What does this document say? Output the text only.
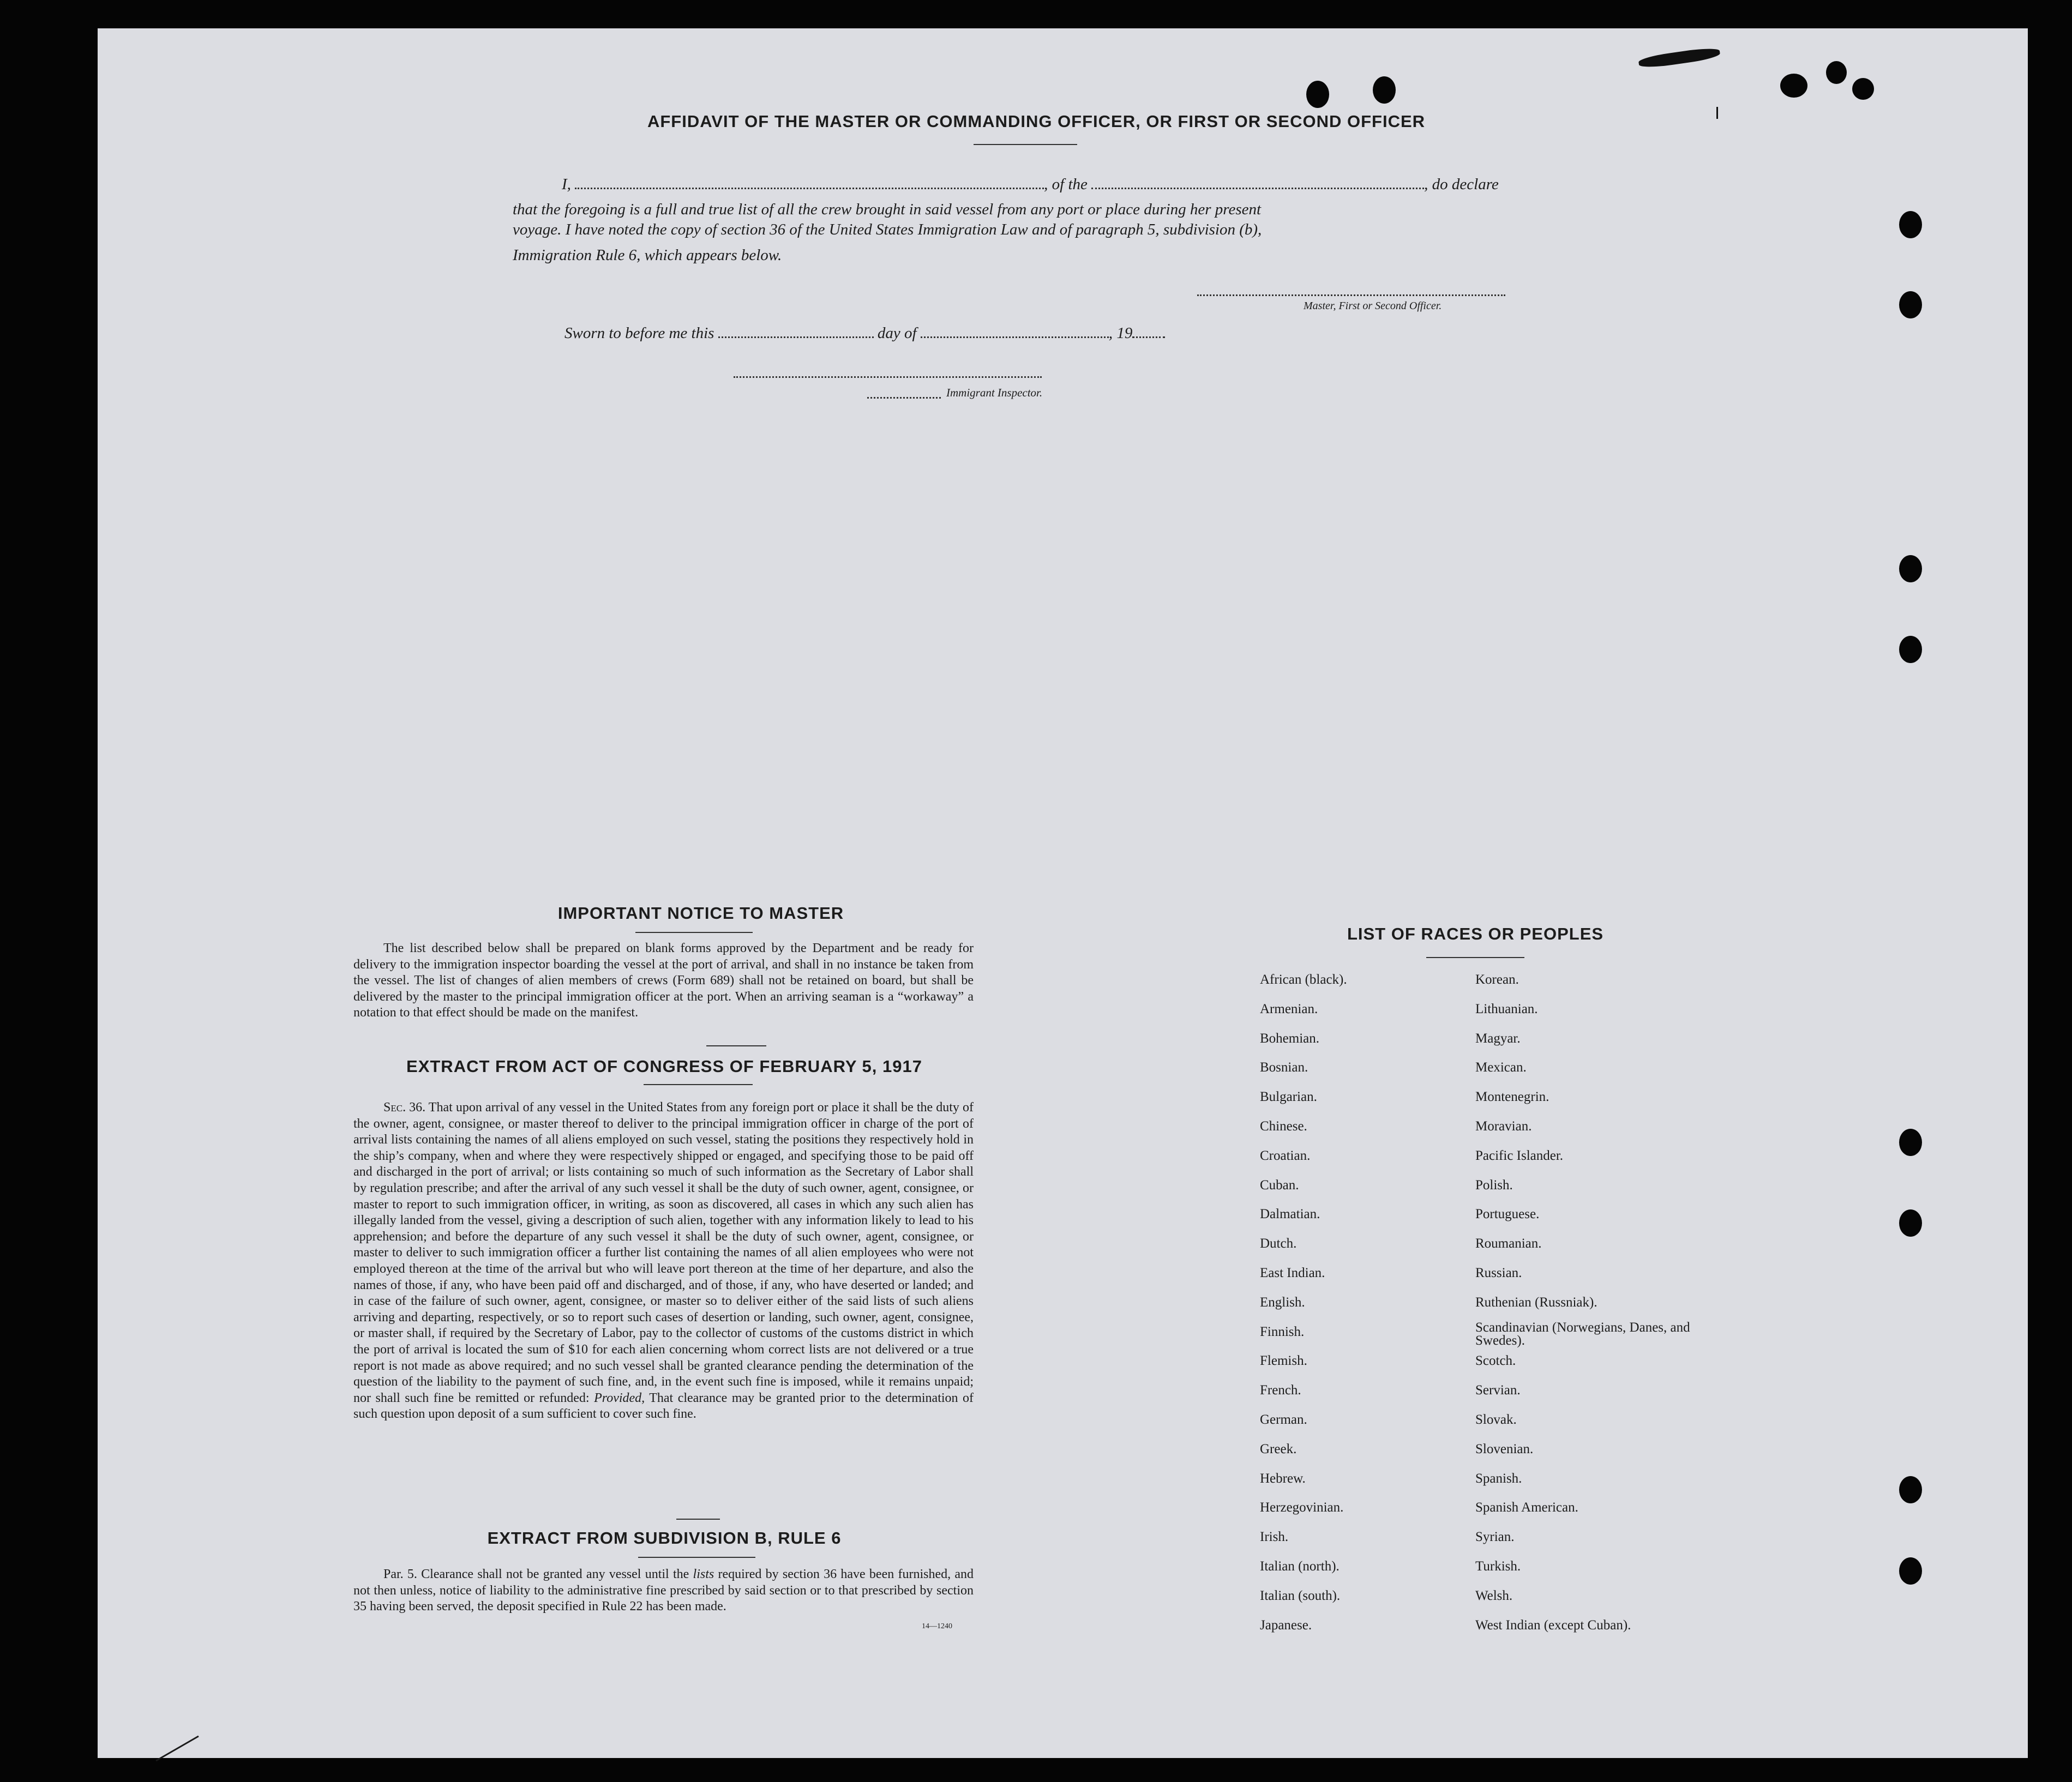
AFFIDAVIT OF THE MASTER OR COMMANDING OFFICER, OR FIRST OR SECOND OFFICER
I,	, of the	, do declare
that the foregoing is a full and true list of all the crew brought in said vessel from any port or place during her present
voyage. I have noted the copy of section 36 of the United States Immigration Law and of paragraph 5, subdivision (b),
Immigration Rule 6, which appears below.
Master, First or Second Officer.
Sworn to before me this	day of	, 19
Immigrant Inspector.
IMPORTANT NOTICE TO MASTER
The list described below shall be prepared on blank forms approved by the Department and be ready for delivery to the immigration inspector boarding the vessel at the port of arrival, and shall in no instance be taken from the vessel. The list of changes of alien members of crews (Form 689) shall not be retained on board, but shall be delivered by the master to the principal immigration officer at the port. When an arriving seaman is a “workaway” a notation to that effect should be made on the manifest.
EXTRACT FROM ACT OF CONGRESS OF FEBRUARY 5, 1917
Sec. 36. That upon arrival of any vessel in the United States from any foreign port or place it shall be the duty of the owner, agent, consignee, or master thereof to deliver to the principal immigration officer in charge of the port of arrival lists containing the names of all aliens employed on such vessel, stating the positions they respectively hold in the ship’s company, when and where they were respectively shipped or engaged, and specifying those to be paid off and discharged in the port of arrival; or lists containing so much of such information as the Secretary of Labor shall by regulation prescribe; and after the arrival of any such vessel it shall be the duty of such owner, agent, consignee, or master to report to such immigration officer, in writing, as soon as discovered, all cases in which any such alien has illegally landed from the vessel, giving a description of such alien, together with any information likely to lead to his apprehension; and before the departure of any such vessel it shall be the duty of such owner, agent, consignee, or master to deliver to such immigration officer a further list containing the names of all alien employees who were not employed thereon at the time of the arrival but who will leave port thereon at the time of her departure, and also the names of those, if any, who have been paid off and discharged, and of those, if any, who have deserted or landed; and in case of the failure of such owner, agent, consignee, or master so to deliver either of the said lists of such aliens arriving and departing, respectively, or so to report such cases of desertion or landing, such owner, agent, consignee, or master shall, if required by the Secretary of Labor, pay to the collector of customs of the customs district in which the port of arrival is located the sum of $10 for each alien concerning whom correct lists are not delivered or a true report is not made as above required; and no such vessel shall be granted clearance pending the determination of the question of the liability to the payment of such fine, and, in the event such fine is imposed, while it remains unpaid; nor shall such fine be remitted or refunded: Provided, That clearance may be granted prior to the determination of such question upon deposit of a sum sufficient to cover such fine.
EXTRACT FROM SUBDIVISION B, RULE 6
Par. 5. Clearance shall not be granted any vessel until the lists required by section 36 have been furnished, and not then unless, notice of liability to the administrative fine prescribed by said section or to that prescribed by section 35 having been served, the deposit specified in Rule 22 has been made.
14—1240
LIST OF RACES OR PEOPLES
African (black).	Korean.
Armenian.	Lithuanian.
Bohemian.	Magyar.
Bosnian.	Mexican.
Bulgarian.	Montenegrin.
Chinese.	Moravian.
Croatian.	Pacific Islander.
Cuban.	Polish.
Dalmatian.	Portuguese.
Dutch.	Roumanian.
East Indian.	Russian.
English.	Ruthenian (Russniak).
Finnish.	Scandinavian (Norwegians, Danes, and Swedes).
Flemish.	Scotch.
French.	Servian.
German.	Slovak.
Greek.	Slovenian.
Hebrew.	Spanish.
Herzegovinian.	Spanish American.
Irish.	Syrian.
Italian (north).	Turkish.
Italian (south).	Welsh.
Japanese.	West Indian (except Cuban).
